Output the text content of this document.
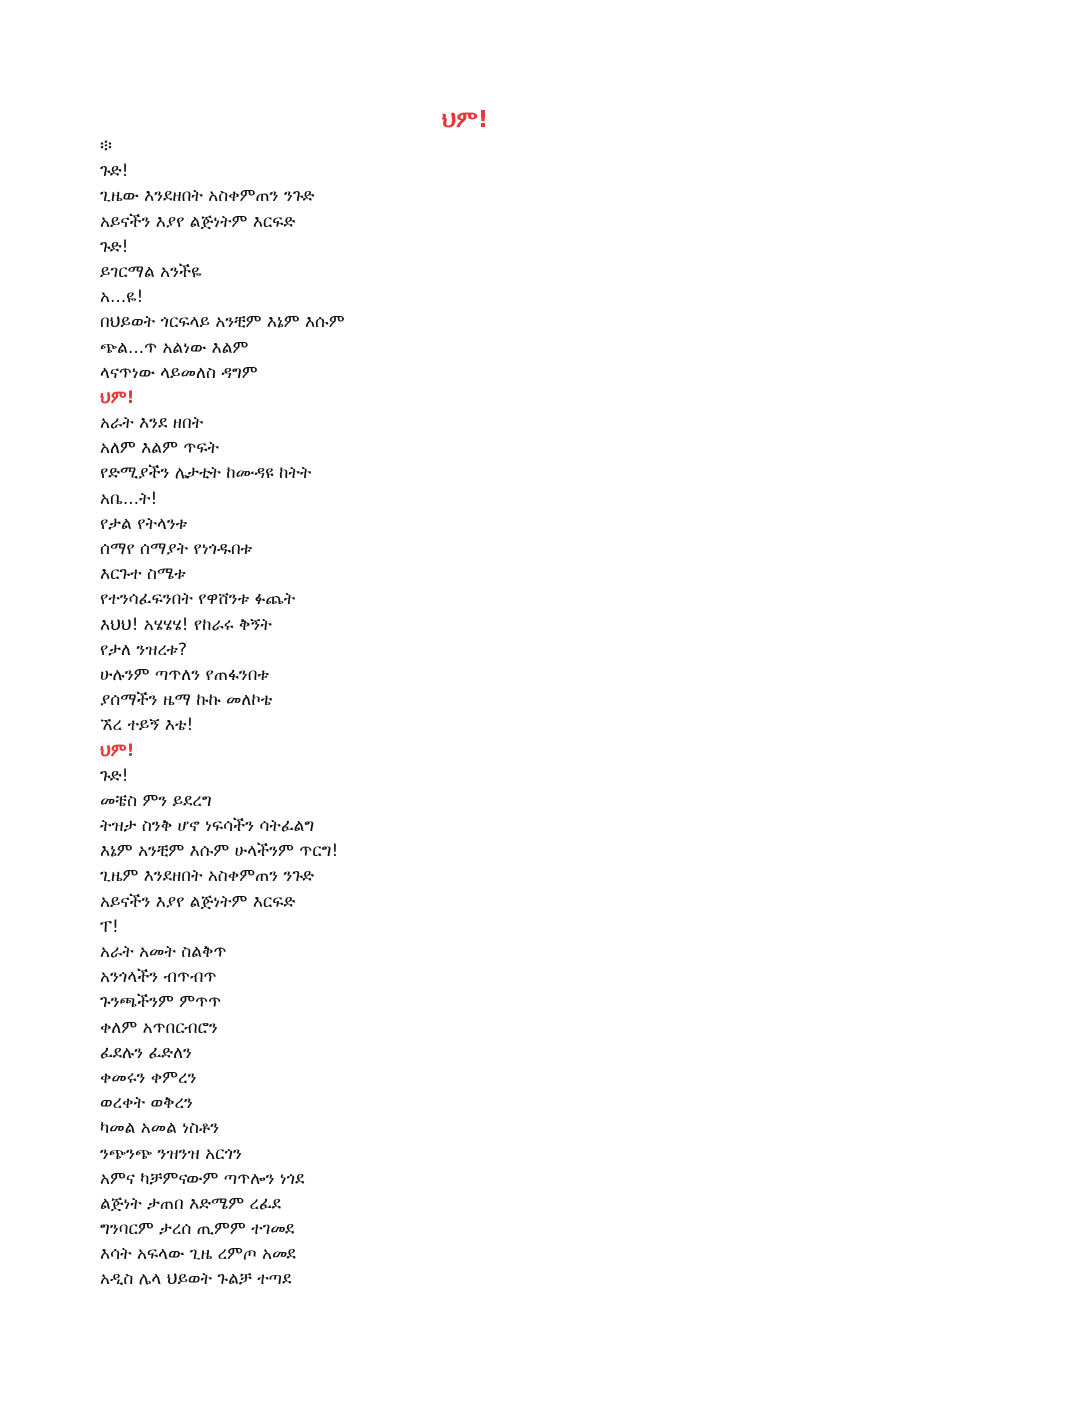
ህም!
፨
ጉድ!
ጊዜው እንደዘበት አስቀምጠን ንጉድ
አይናችን እያየ ልጅነትም እርፍድ
ጉድ!
ይገርማል አንችዬ
አ...ዬ!
በህይወት ጎርፍላይ አንቺም እኔም እሱም
ጭል...ጥ አልነው እልም
ላናጥነው ላይመለስ ዳግም
ህም!
አራት እንደ ዘበት
አለም እልም ጥፍት
የድሚያችን ሌታቲት ከሙዳዩ ከትት
አቤ...ት!
የታል የትላንቱ
ሰማየ ሰማያት የነጎዱበቱ
እርጉተ ስሜቱ
የተንሳፈፍንበት የዋሸንቱ ፉጨት
እህህ! አሄሄሄ! የከራሩ ቅኝት
የታለ ንዝረቱ?
ሁሉንም ጣጥለን የጠፋንበቱ
ያሰማችን ዜማ ኩኩ መለኮቴ
ኧረ ተይኝ እቴ!
ህም!
ጉድ!
መቼስ ምን ይደረግ
ትዝታ ስንቅ ሆኖ ነፍሳችን ሳትፈልግ
እኔም አንቺም እሱም ሁላችንም ጥርግ!
ጊዜም እንደዘበት አስቀምጠን ንጉድ
አይናችን እያየ ልጅነትም እርፍድ
ፐ!
አራት አመት ስልቅጥ
አንጎላችን ብጥብጥ
ጉንጫችንም ምጥጥ
ቀለም አጥበርብሮን
ፈደሉን ፈድለን
ቀመሩን ቀምረን
ወረቀት ወቅረን
ካመል አመል ነስቶን
ንጭንጭ ንዝንዝ አርጎን
አምና ካቻምናውም ጣጥሎን ነጎደ
ልጅነት ታጠበ እድሜም ረፈደ
ግንባርም ታረሰ ጢምም ተገመደ
እሳት አፍላው ጊዜ ረምጦ አመደ
አዲስ ሌላ ህይወት ጉልቻ ተጣደ
